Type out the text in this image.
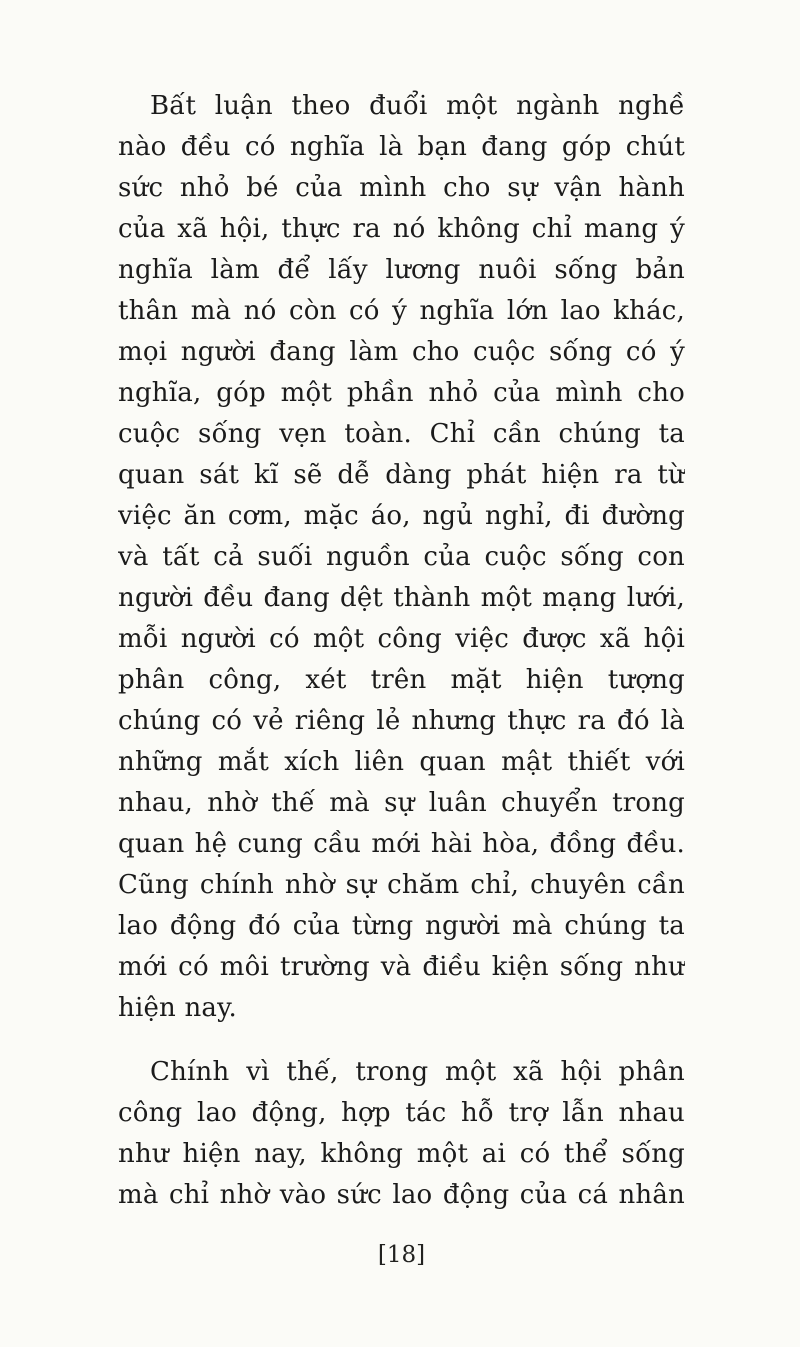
Bất luận theo đuổi một ngành nghề
nào đều có nghĩa là bạn đang góp chút
sức nhỏ bé của mình cho sự vận hành
của xã hội, thực ra nó không chỉ mang ý
nghĩa làm để lấy lương nuôi sống bản
thân mà nó còn có ý nghĩa lớn lao khác,
mọi người đang làm cho cuộc sống có ý
nghĩa, góp một phần nhỏ của mình cho
cuộc sống vẹn toàn. Chỉ cần chúng ta
quan sát kĩ sẽ dễ dàng phát hiện ra từ
việc ăn cơm, mặc áo, ngủ nghỉ, đi đường
và tất cả suối nguồn của cuộc sống con
người đều đang dệt thành một mạng lưới,
mỗi người có một công việc được xã hội
phân công, xét trên mặt hiện tượng
chúng có vẻ riêng lẻ nhưng thực ra đó là
những mắt xích liên quan mật thiết với
nhau, nhờ thế mà sự luân chuyển trong
quan hệ cung cầu mới hài hòa, đồng đều.
Cũng chính nhờ sự chăm chỉ, chuyên cần
lao động đó của từng người mà chúng ta
mới có môi trường và điều kiện sống như
hiện nay.
Chính vì thế, trong một xã hội phân
công lao động, hợp tác hỗ trợ lẫn nhau
như hiện nay, không một ai có thể sống
mà chỉ nhờ vào sức lao động của cá nhân
[18]
